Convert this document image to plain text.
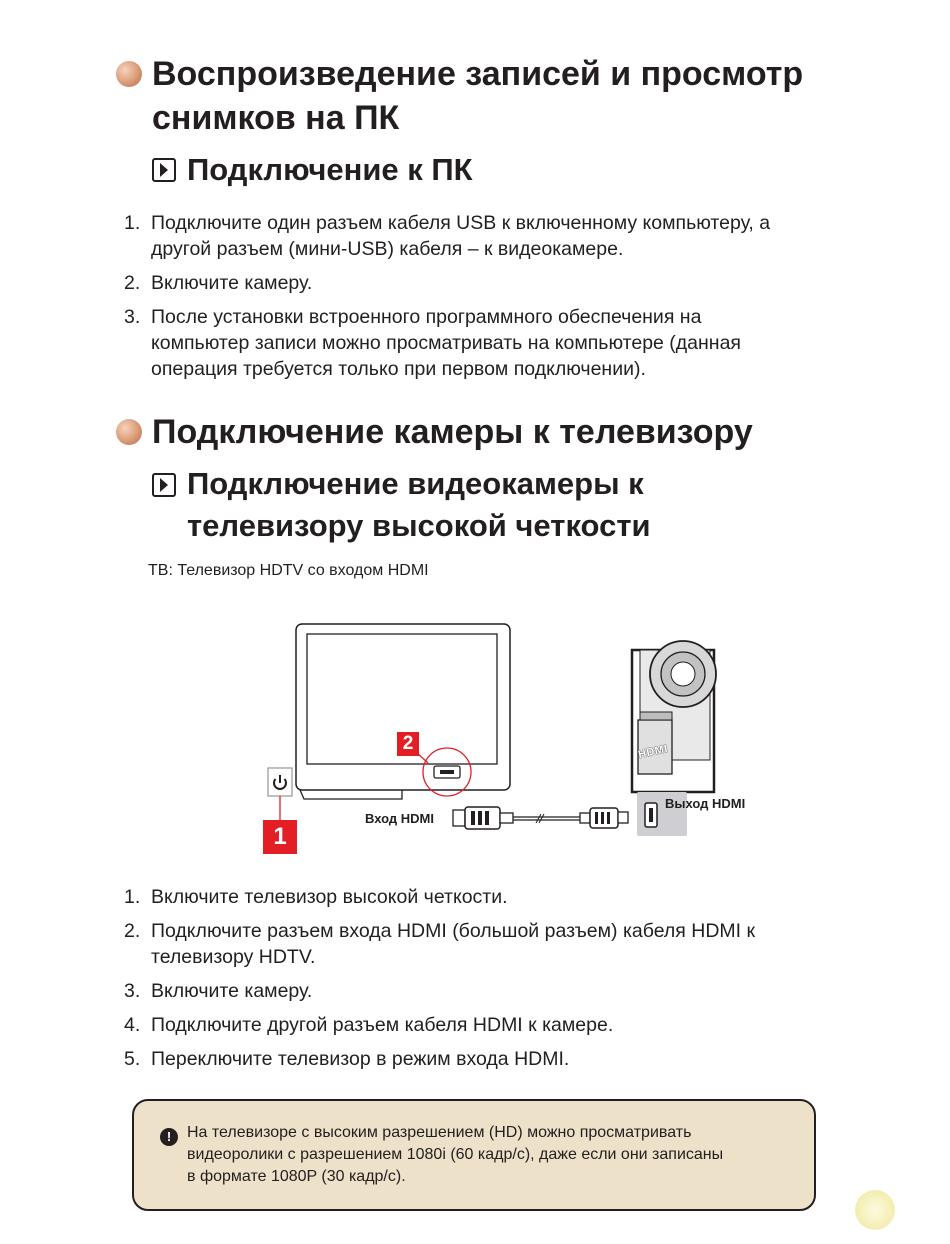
Воспроизведение записей и просмотр
снимков на ПК
Подключение к ПК
1. Подключите один разъем кабеля USB к включенному компьютеру, а
другой разъем (мини-USB) кабеля – к видеокамере.
2. Включите камеру.
3. После установки встроенного программного обеспечения на
компьютер записи можно просматривать на компьютере (данная
операция требуется только при первом подключении).
Подключение камеры к телевизору
Подключение видеокамеры к
телевизору высокой четкости
ТВ: Телевизор HDTV со входом HDMI
HDMI
1
2
Вход HDMI
Выход HDMI
1. Включите телевизор высокой четкости.
2. Подключите разъем входа HDMI (большой разъем) кабеля HDMI к
телевизору HDTV.
3. Включите камеру.
4. Подключите другой разъем кабеля HDMI к камере.
5. Переключите телевизор в режим входа HDMI.
! На телевизоре с высоким разрешением (HD) можно просматривать
видеоролики с разрешением 1080i (60 кадр/с), даже если они записаны
в формате 1080P (30 кадр/с).
